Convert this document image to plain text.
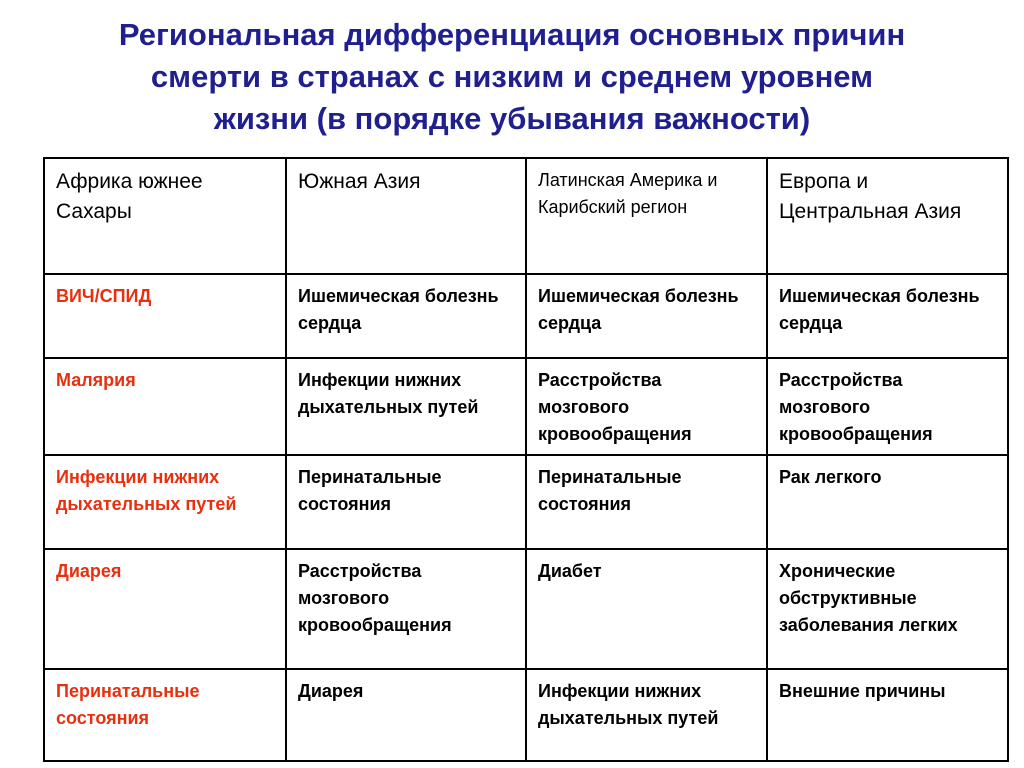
Региональная дифференциация основных причин
смерти в странах с низким и среднем уровнем
жизни (в порядке убывания важности)
Африка южнее Сахары	Южная Азия	Латинская Америка и Карибский регион	Европа и Центральная Азия
ВИЧ/СПИД	Ишемическая болезнь сердца	Ишемическая болезнь сердца	Ишемическая болезнь сердца
Малярия	Инфекции нижних дыхательных путей	Расстройства мозгового кровообращения	Расстройства мозгового кровообращения
Инфекции нижних дыхательных путей	Перинатальные состояния	Перинатальные состояния	Рак легкого
Диарея	Расстройства мозгового кровообращения	Диабет	Хронические обструктивные заболевания легких
Перинатальные состояния	Диарея	Инфекции нижних дыхательных путей	Внешние причины
